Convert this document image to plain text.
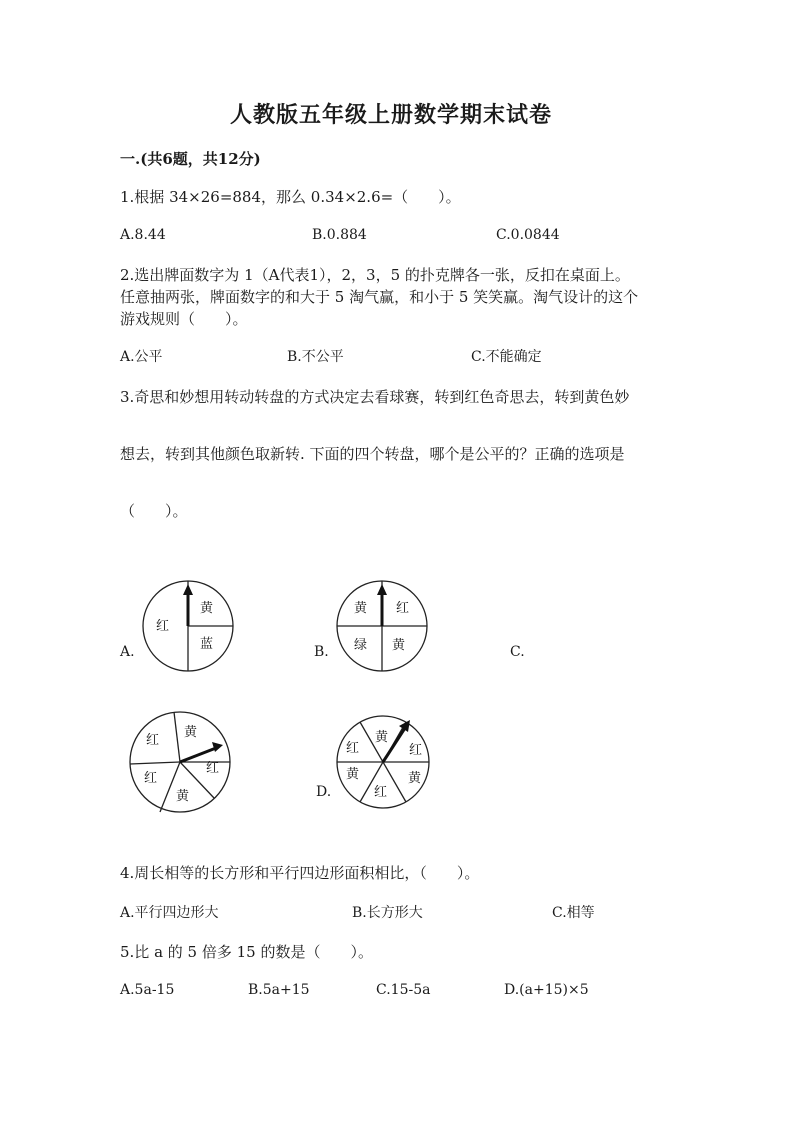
人教版五年级上册数学期末试卷
一.(共6题，共12分)
1.根据 34×26=884，那么 0.34×2.6=（　　）。
A.8.44	B.0.884	C.0.0844
2.选出牌面数字为 1（A代表1），2，3，5 的扑克牌各一张，反扣在桌面上。
任意抽两张，牌面数字的和大于 5 淘气赢，和小于 5 笑笑赢。淘气设计的这个
游戏规则（　　）。
A.公平	B.不公平	C.不能确定
3.奇思和妙想用转动转盘的方式决定去看球赛，转到红色奇思去，转到黄色妙
想去，转到其他颜色取新转. 下面的四个转盘，哪个是公平的？正确的选项是
（　　）。
A.	B.	C.
D.
黄
红
蓝
黄 红
绿 黄
黄
红
红
红
黄
黄
红	红
黄	黄
红
4.周长相等的长方形和平行四边形面积相比，（　　）。
A.平行四边形大	B.长方形大	C.相等
5.比 a 的 5 倍多 15 的数是（　　）。
A.5a-15	B.5a+15	C.15-5a	D.(a+15)×5
